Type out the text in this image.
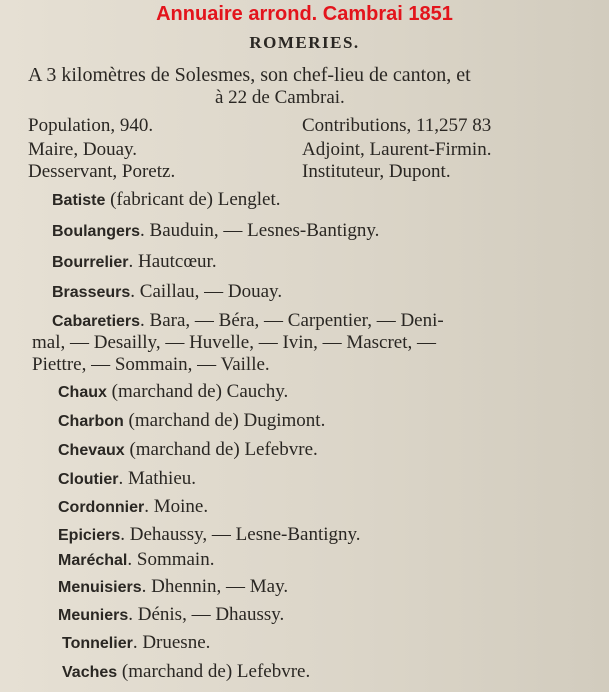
Annuaire arrond. Cambrai 1851
ROMERIES.
A 3 kilomètres de Solesmes, son chef-lieu de canton, et
à 22 de Cambrai.
Population, 940.	Contributions, 11,257 83
Maire, Douay.	Adjoint, Laurent-Firmin.
Desservant, Poretz.	Instituteur, Dupont.
Batiste (fabricant de) Lenglet.
Boulangers. Bauduin, — Lesnes-Bantigny.
Bourrelier. Hautcœur.
Brasseurs. Caillau, — Douay.
Cabaretiers. Bara, — Béra, — Carpentier, — Deni-
mal, — Desailly, — Huvelle, — Ivin, — Mascret, —
Piettre, — Sommain, — Vaille.
Chaux (marchand de) Cauchy.
Charbon (marchand de) Dugimont.
Chevaux (marchand de) Lefebvre.
Cloutier. Mathieu.
Cordonnier. Moine.
Epiciers. Dehaussy, — Lesne-Bantigny.
Maréchal. Sommain.
Menuisiers. Dhennin, — May.
Meuniers. Dénis, — Dhaussy.
Tonnelier. Druesne.
Vaches (marchand de) Lefebvre.
